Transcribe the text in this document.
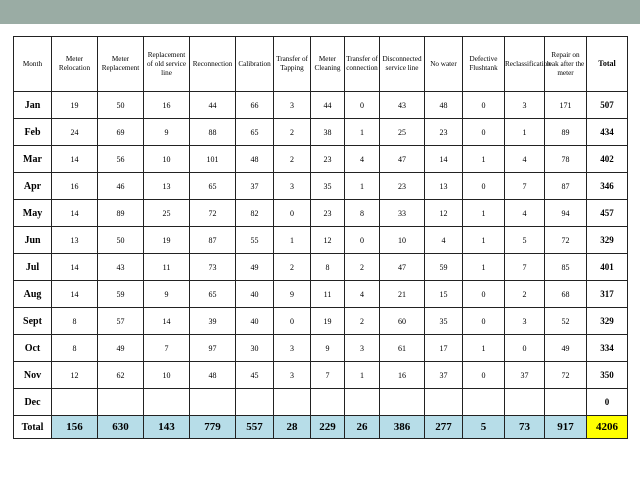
Month	Meter Relocation	Meter Replacement	Replacement of old service line	Reconnection	Calibration	Transfer of Tapping	Meter Cleaning	Transfer of connection	Disconnected service line	No water	Defective Flushtank	Reclassification	Repair on leak after the meter	Total
Jan	19	50	16	44	66	3	44	0	43	48	0	3	171	507
Feb	24	69	9	88	65	2	38	1	25	23	0	1	89	434
Mar	14	56	10	101	48	2	23	4	47	14	1	4	78	402
Apr	16	46	13	65	37	3	35	1	23	13	0	7	87	346
May	14	89	25	72	82	0	23	8	33	12	1	4	94	457
Jun	13	50	19	87	55	1	12	0	10	4	1	5	72	329
Jul	14	43	11	73	49	2	8	2	47	59	1	7	85	401
Aug	14	59	9	65	40	9	11	4	21	15	0	2	68	317
Sept	8	57	14	39	40	0	19	2	60	35	0	3	52	329
Oct	8	49	7	97	30	3	9	3	61	17	1	0	49	334
Nov	12	62	10	48	45	3	7	1	16	37	0	37	72	350
Dec														0
Total	156	630	143	779	557	28	229	26	386	277	5	73	917	4206
